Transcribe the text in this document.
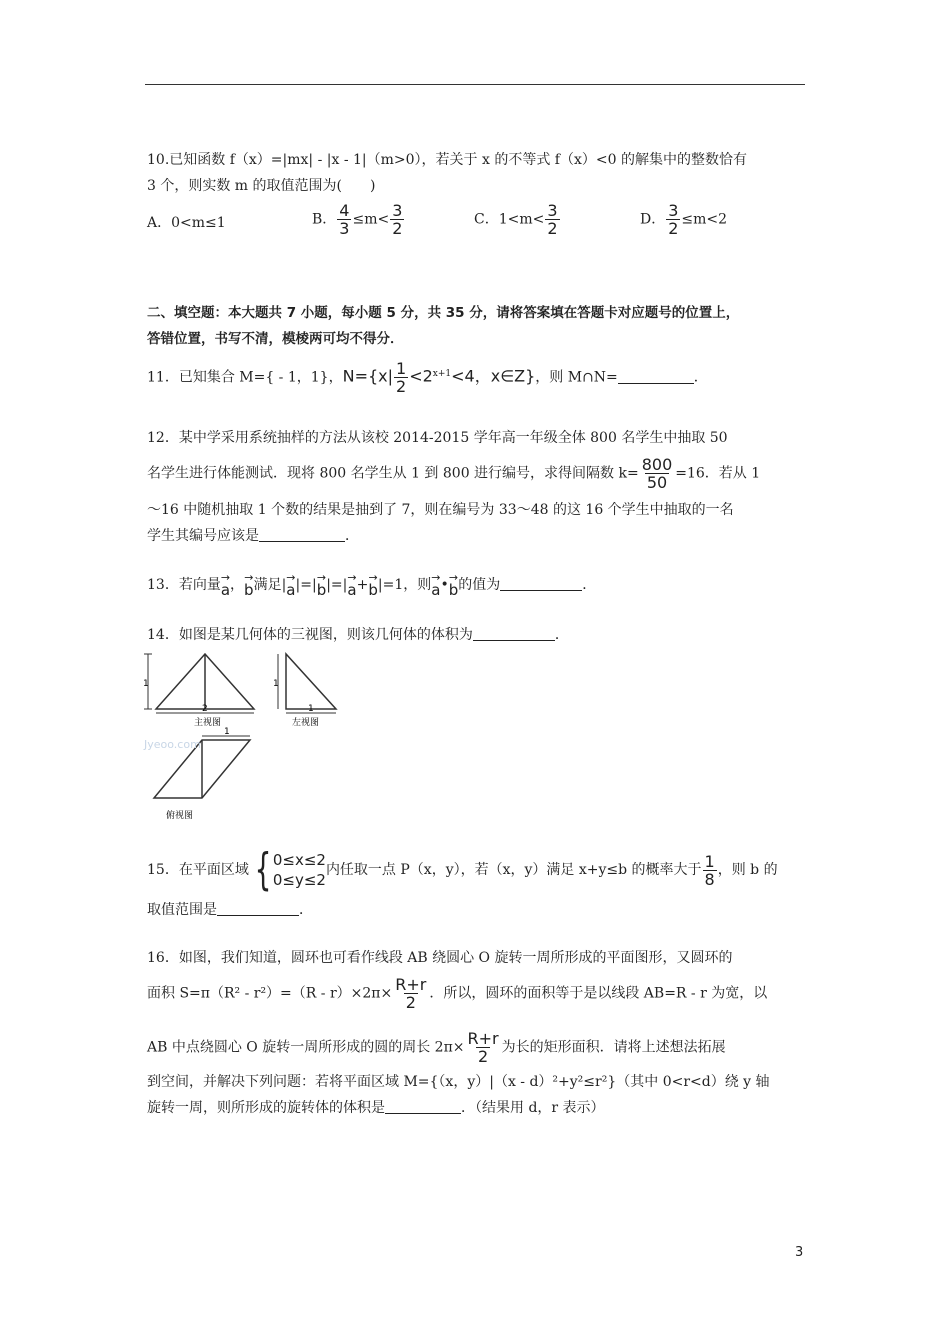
10.已知函数 f（x）=|mx| - |x - 1|（m>0），若关于 x 的不等式 f（x）<0 的解集中的整数恰有
3 个，则实数 m 的取值范围为(　　)
A．0<m≤1	B． $\frac{4}{3} \le m< \frac{3}{2}$	C．$1<m< \frac{3}{2}$	D． $\frac{3}{2} \le m<2$
二、填空题：本大题共 7 小题，每小题 5 分，共 35 分，请将答案填在答题卡对应题号的位置上，
答错位置，书写不清，模棱两可均不得分．
11．已知集合 M={ - 1，1}，$N=\{x| \frac{1}{2} <2^{x+1}<4$，x∈Z}，则 M∩N=	．
12．某中学采用系统抽样的方法从该校 2014-2015 学年高一年级全体 800 名学生中抽取 50
名学生进行体能测试．现将 800 名学生从 1 到 800 进行编号，求得间隔数 $k= \frac{800}{50} =16$．若从 1
～16 中随机抽取 1 个数的结果是抽到了 7，则在编号为 33～48 的这 16 个学生中抽取的一名
学生其编号应该是	．
13．若向量 →
a ， →
b 满足| →
a |=| →
b |=| →
a + →
b |=1，则 →
a • →
b 的值为	．
14．如图是某几何体的三视图，则该几何体的体积为	．
1	1
2	1
1
主视图	左视图
俯视图
Jyeoo.com
15．在平面区域 { 0≤x≤2
0≤y≤2
内任取一点 P（x，y），若（x，y）满足 x+y≤b 的概率大于 $\frac{1}{8}$ ，则 b 的
取值范围是	．
16．如图，我们知道，圆环也可看作线段 AB 绕圆心 O 旋转一周所形成的平面图形，又圆环的
面积 $S=\pi(R^2 - r^2)=(R - r)\times 2\pi\times \frac{R+r}{2}$ ．所以，圆环的面积等于是以线段 AB=R - r 为宽，以
AB 中点绕圆心 O 旋转一周所形成的圆的周长 $2\pi\times \frac{R+r}{2}$ 为长的矩形面积．请将上述想法拓展
到空间，并解决下列问题：若将平面区域 M={（x，y）|（x - d）²+y²≤r²}（其中 0<r<d）绕 y 轴
旋转一周，则所形成的旋转体的体积是	．（结果用 d，r 表示）
3
